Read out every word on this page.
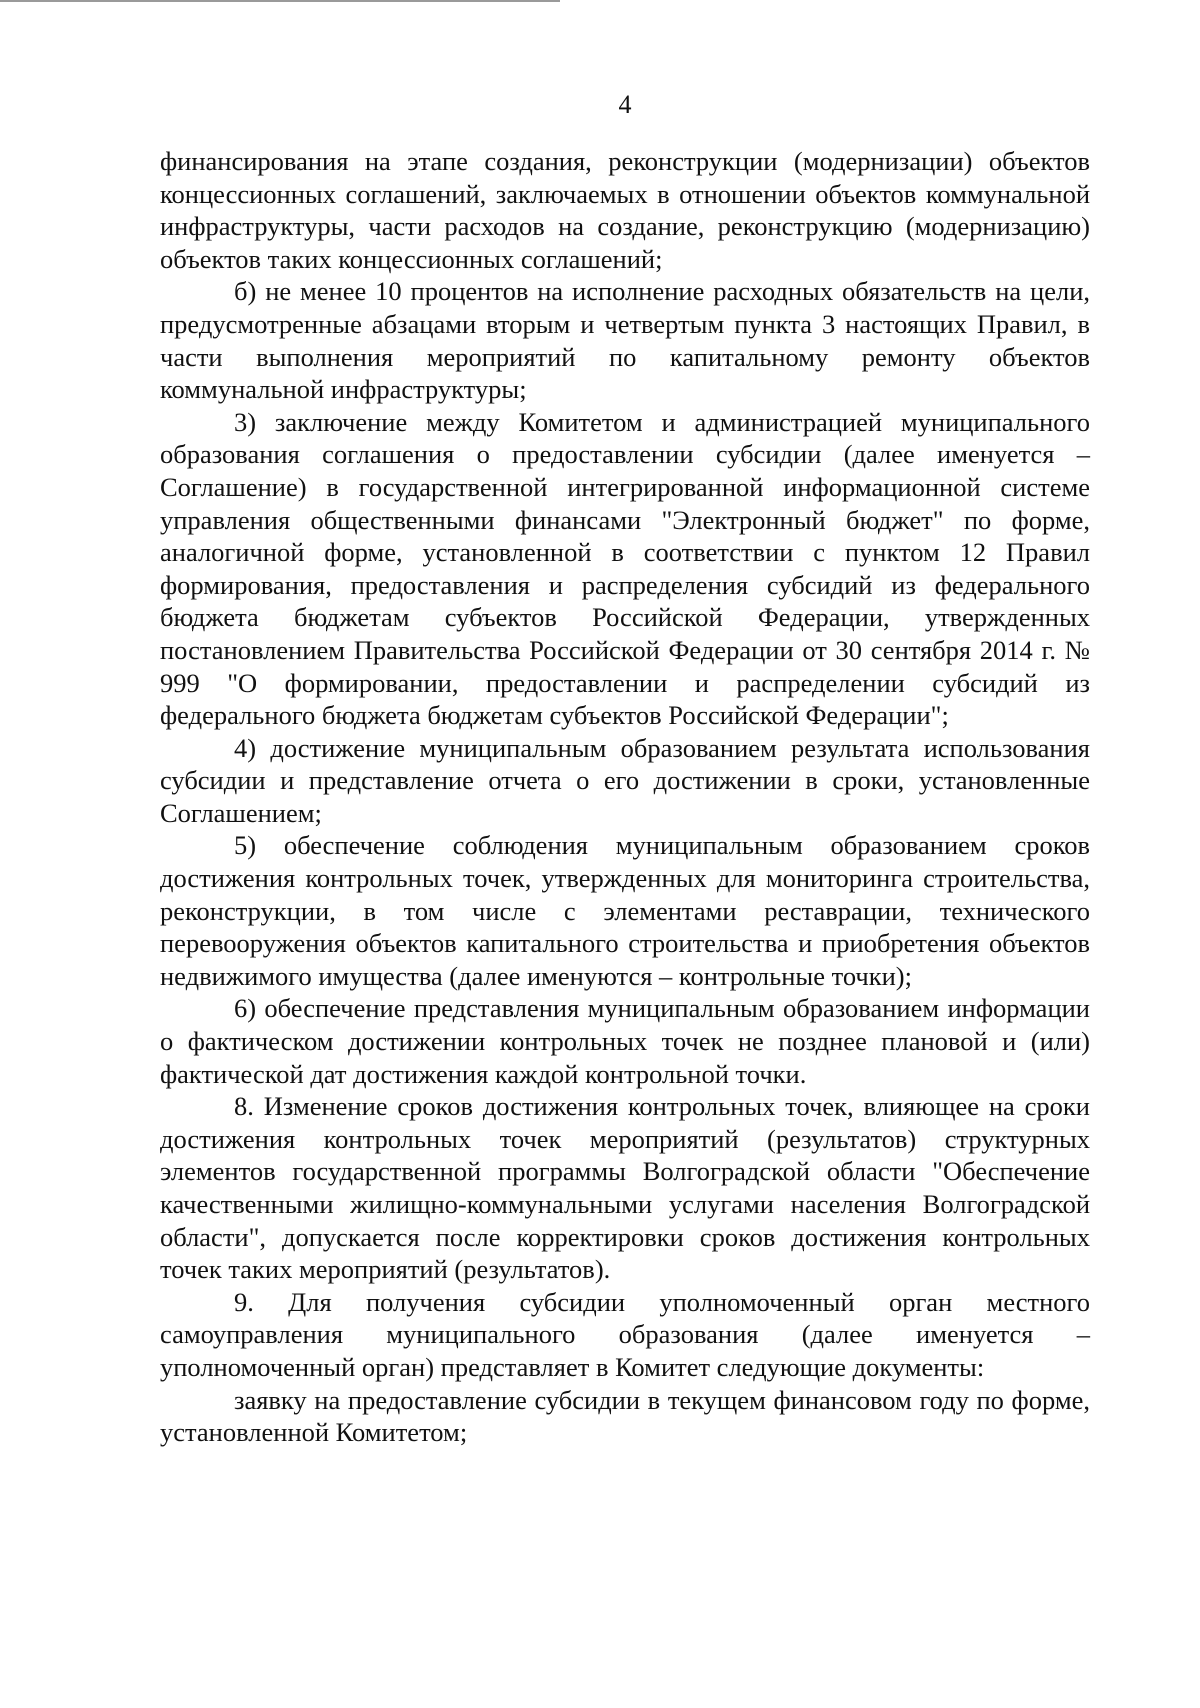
4

финансирования на этапе создания, реконструкции (модернизации) объектов концессионных соглашений, заключаемых в отношении объектов коммунальной инфраструктуры, части расходов на создание, реконструкцию (модернизацию) объектов таких концессионных соглашений;

б) не менее 10 процентов на исполнение расходных обязательств на цели, предусмотренные абзацами вторым и четвертым пункта 3 настоящих Правил, в части выполнения мероприятий по капитальному ремонту объектов коммунальной инфраструктуры;

3) заключение между Комитетом и администрацией муниципального образования соглашения о предоставлении субсидии (далее именуется – Соглашение) в государственной интегрированной информационной системе управления общественными финансами "Электронный бюджет" по форме, аналогичной форме, установленной в соответствии с пунктом 12 Правил формирования, предоставления и распределения субсидий из федерального бюджета бюджетам субъектов Российской Федерации, утвержденных постановлением Правительства Российской Федерации от 30 сентября 2014 г. № 999 "О формировании, предоставлении и распределении субсидий из федерального бюджета бюджетам субъектов Российской Федерации";

4) достижение муниципальным образованием результата использования субсидии и представление отчета о его достижении в сроки, установленные Соглашением;

5) обеспечение соблюдения муниципальным образованием сроков достижения контрольных точек, утвержденных для мониторинга строительства, реконструкции, в том числе с элементами реставрации, технического перевооружения объектов капитального строительства и приобретения объектов недвижимого имущества (далее именуются – контрольные точки);

6) обеспечение представления муниципальным образованием информации о фактическом достижении контрольных точек не позднее плановой и (или) фактической дат достижения каждой контрольной точки.

8. Изменение сроков достижения контрольных точек, влияющее на сроки достижения контрольных точек мероприятий (результатов) структурных элементов государственной программы Волгоградской области "Обеспечение качественными жилищно-коммунальными услугами населения Волгоградской области", допускается после корректировки сроков достижения контрольных точек таких мероприятий (результатов).

9. Для получения субсидии уполномоченный орган местного самоуправления муниципального образования (далее именуется – уполномоченный орган) представляет в Комитет следующие документы:

заявку на предоставление субсидии в текущем финансовом году по форме, установленной Комитетом;
